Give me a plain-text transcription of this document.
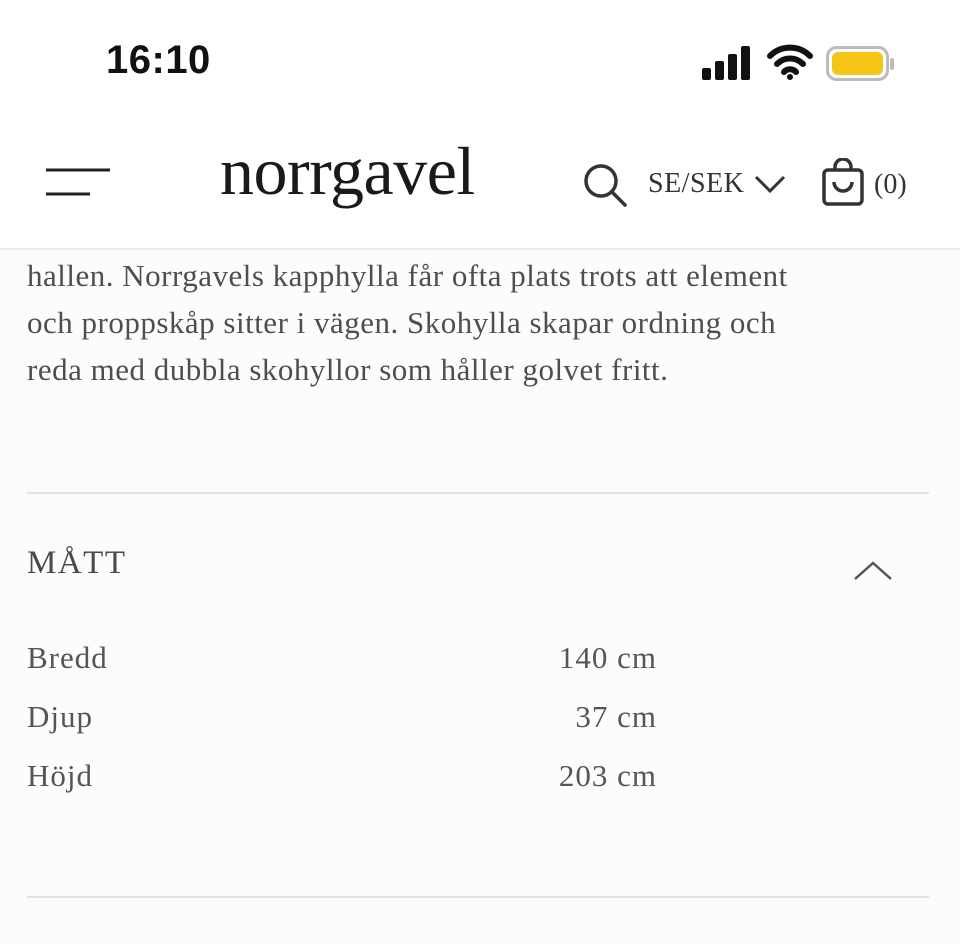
16:10
norrgavel	SE/SEK	(0)
hallen. Norrgavels kapphylla får ofta plats trots att element
och proppskåp sitter i vägen. Skohylla skapar ordning och
reda med dubbla skohyllor som håller golvet fritt.
MÅTT
Bredd	140 cm
Djup	37 cm
Höjd	203 cm
